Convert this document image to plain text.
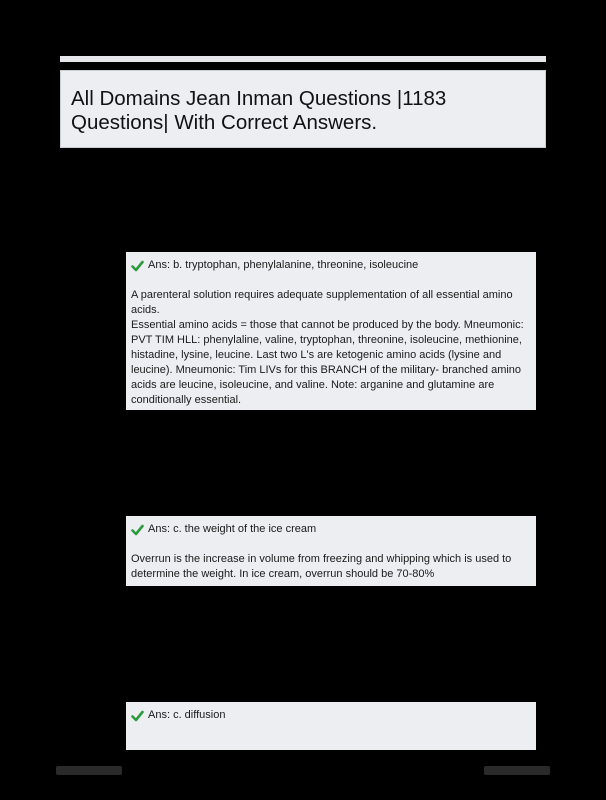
All Domains Jean Inman Questions |1183 Questions| With Correct Answers.
Ans: b. tryptophan, phenylalanine, threonine, isoleucine

A parenteral solution requires adequate supplementation of all essential amino acids.

Essential amino acids = those that cannot be produced by the body. Mneumonic: PVT TIM HLL: phenylaline, valine, tryptophan, threonine, isoleucine, methionine, histadine, lysine, leucine. Last two L's are ketogenic amino acids (lysine and leucine). Mneumonic: Tim LIVs for this BRANCH of the military- branched amino acids are leucine, isoleucine, and valine. Note: arganine and glutamine are conditionally essential.

Ans: c. the weight of the ice cream

Overrun is the increase in volume from freezing and whipping which is used to determine the weight. In ice cream, overrun should be 70-80%

Ans: c. diffusion
